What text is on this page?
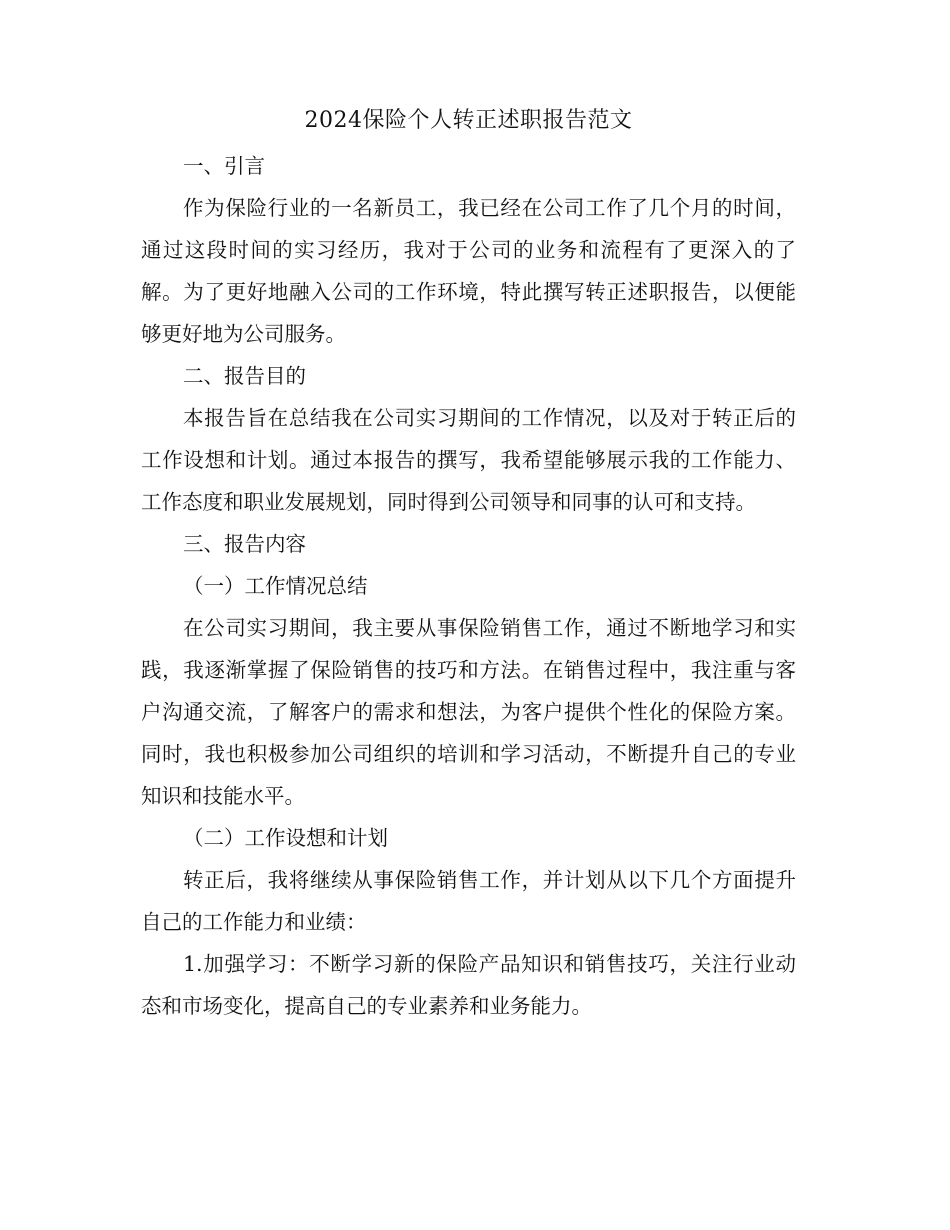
2024保险个人转正述职报告范文

一、引言

作为保险行业的一名新员工，我已经在公司工作了几个月的时间，通过这段时间的实习经历，我对于公司的业务和流程有了更深入的了解。为了更好地融入公司的工作环境，特此撰写转正述职报告，以便能够更好地为公司服务。

二、报告目的

本报告旨在总结我在公司实习期间的工作情况，以及对于转正后的工作设想和计划。通过本报告的撰写，我希望能够展示我的工作能力、工作态度和职业发展规划，同时得到公司领导和同事的认可和支持。

三、报告内容

（一）工作情况总结

在公司实习期间，我主要从事保险销售工作，通过不断地学习和实践，我逐渐掌握了保险销售的技巧和方法。在销售过程中，我注重与客户沟通交流，了解客户的需求和想法，为客户提供个性化的保险方案。同时，我也积极参加公司组织的培训和学习活动，不断提升自己的专业知识和技能水平。

（二）工作设想和计划

转正后，我将继续从事保险销售工作，并计划从以下几个方面提升自己的工作能力和业绩：

1.加强学习：不断学习新的保险产品知识和销售技巧，关注行业动态和市场变化，提高自己的专业素养和业务能力。
